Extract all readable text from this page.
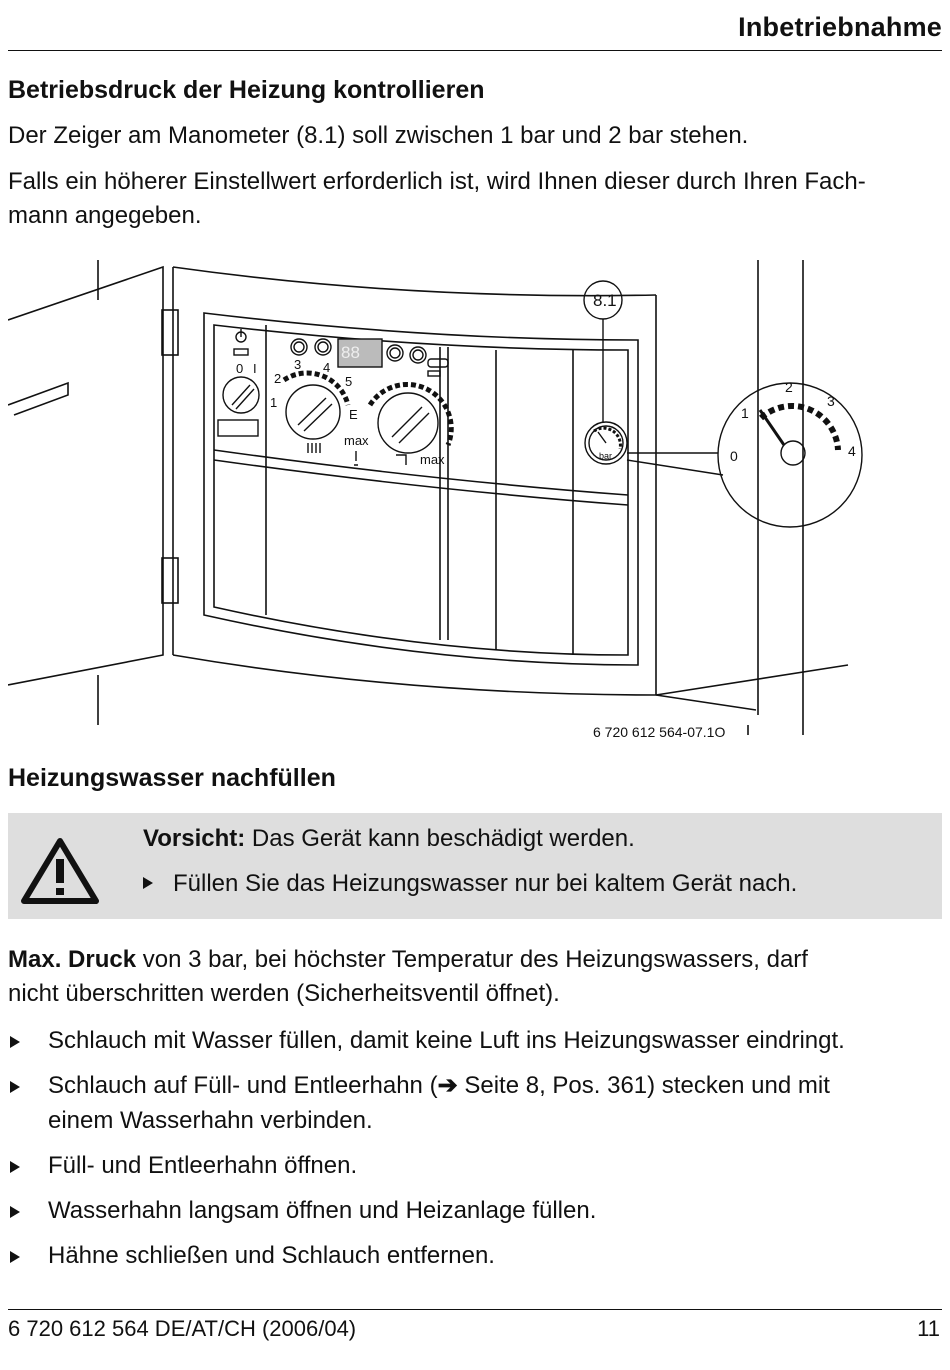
Inbetriebnahme
Betriebsdruck der Heizung kontrollieren
Der Zeiger am Manometer (8.1) soll zwischen 1 bar und 2 bar stehen.
Falls ein höherer Einstellwert erforderlich ist, wird Ihnen dieser durch Ihren Fach-
mann angegeben.
0 I
2
3 4
5
1
E
max
max
88
bar
8.1
0
1
2
3
4
6 720 612 564-07.1O
Heizungswasser nachfüllen
Vorsicht: Das Gerät kann beschädigt werden.
Füllen Sie das Heizungswasser nur bei kaltem Gerät nach.
Max. Druck von 3 bar, bei höchster Temperatur des Heizungswassers, darf
nicht überschritten werden (Sicherheitsventil öffnet).
Schlauch mit Wasser füllen, damit keine Luft ins Heizungswasser eindringt.
Schlauch auf Füll- und Entleerhahn (➔ Seite 8, Pos. 361) stecken und mit
einem Wasserhahn verbinden.
Füll- und Entleerhahn öffnen.
Wasserhahn langsam öffnen und Heizanlage füllen.
Hähne schließen und Schlauch entfernen.
6 720 612 564 DE/AT/CH (2006/04)	11
